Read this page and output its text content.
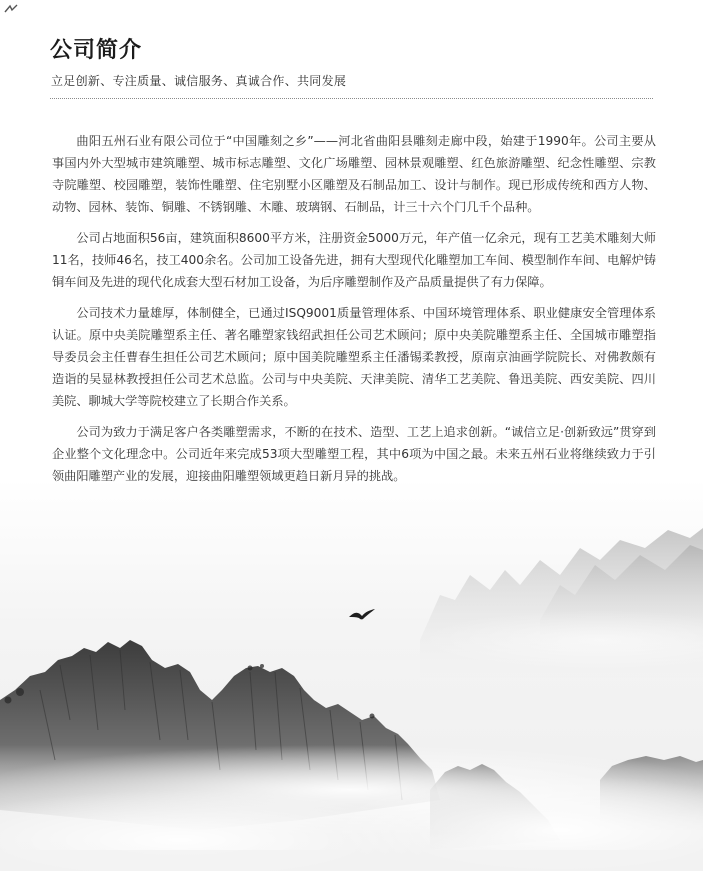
公司简介
立足创新、专注质量、诚信服务、真诚合作、共同发展

曲阳五州石业有限公司位于“中国雕刻之乡”——河北省曲阳县雕刻走廊中段，始建于1990年。公司主要从事国内外大型城市建筑雕塑、城市标志雕塑、文化广场雕塑、园林景观雕塑、红色旅游雕塑、纪念性雕塑、宗教寺院雕塑、校园雕塑，装饰性雕塑、住宅别墅小区雕塑及石制品加工、设计与制作。现已形成传统和西方人物、动物、园林、装饰、铜雕、不锈钢雕、木雕、玻璃钢、石制品，计三十六个门几千个品种。

公司占地面积56亩，建筑面积8600平方米，注册资金5000万元，年产值一亿余元，现有工艺美术雕刻大师11名，技师46名，技工400余名。公司加工设备先进，拥有大型现代化雕塑加工车间、模型制作车间、电解炉铸铜车间及先进的现代化成套大型石材加工设备，为后序雕塑制作及产品质量提供了有力保障。

公司技术力量雄厚，体制健全，已通过ISQ9001质量管理体系、中国环境管理体系、职业健康安全管理体系认证。原中央美院雕塑系主任、著名雕塑家钱绍武担任公司艺术顾问；原中央美院雕塑系主任、全国城市雕塑指导委员会主任曹春生担任公司艺术顾问；原中国美院雕塑系主任潘锡柔教授，原南京油画学院院长、对佛教颇有造诣的吴显林教授担任公司艺术总监。公司与中央美院、天津美院、清华工艺美院、鲁迅美院、西安美院、四川美院、聊城大学等院校建立了长期合作关系。

公司为致力于满足客户各类雕塑需求，不断的在技术、造型、工艺上追求创新。“诚信立足·创新致远”贯穿到企业整个文化理念中。公司近年来完成53项大型雕塑工程，其中6项为中国之最。未来五州石业将继续致力于引领曲阳雕塑产业的发展，迎接曲阳雕塑领域更趋日新月异的挑战。
